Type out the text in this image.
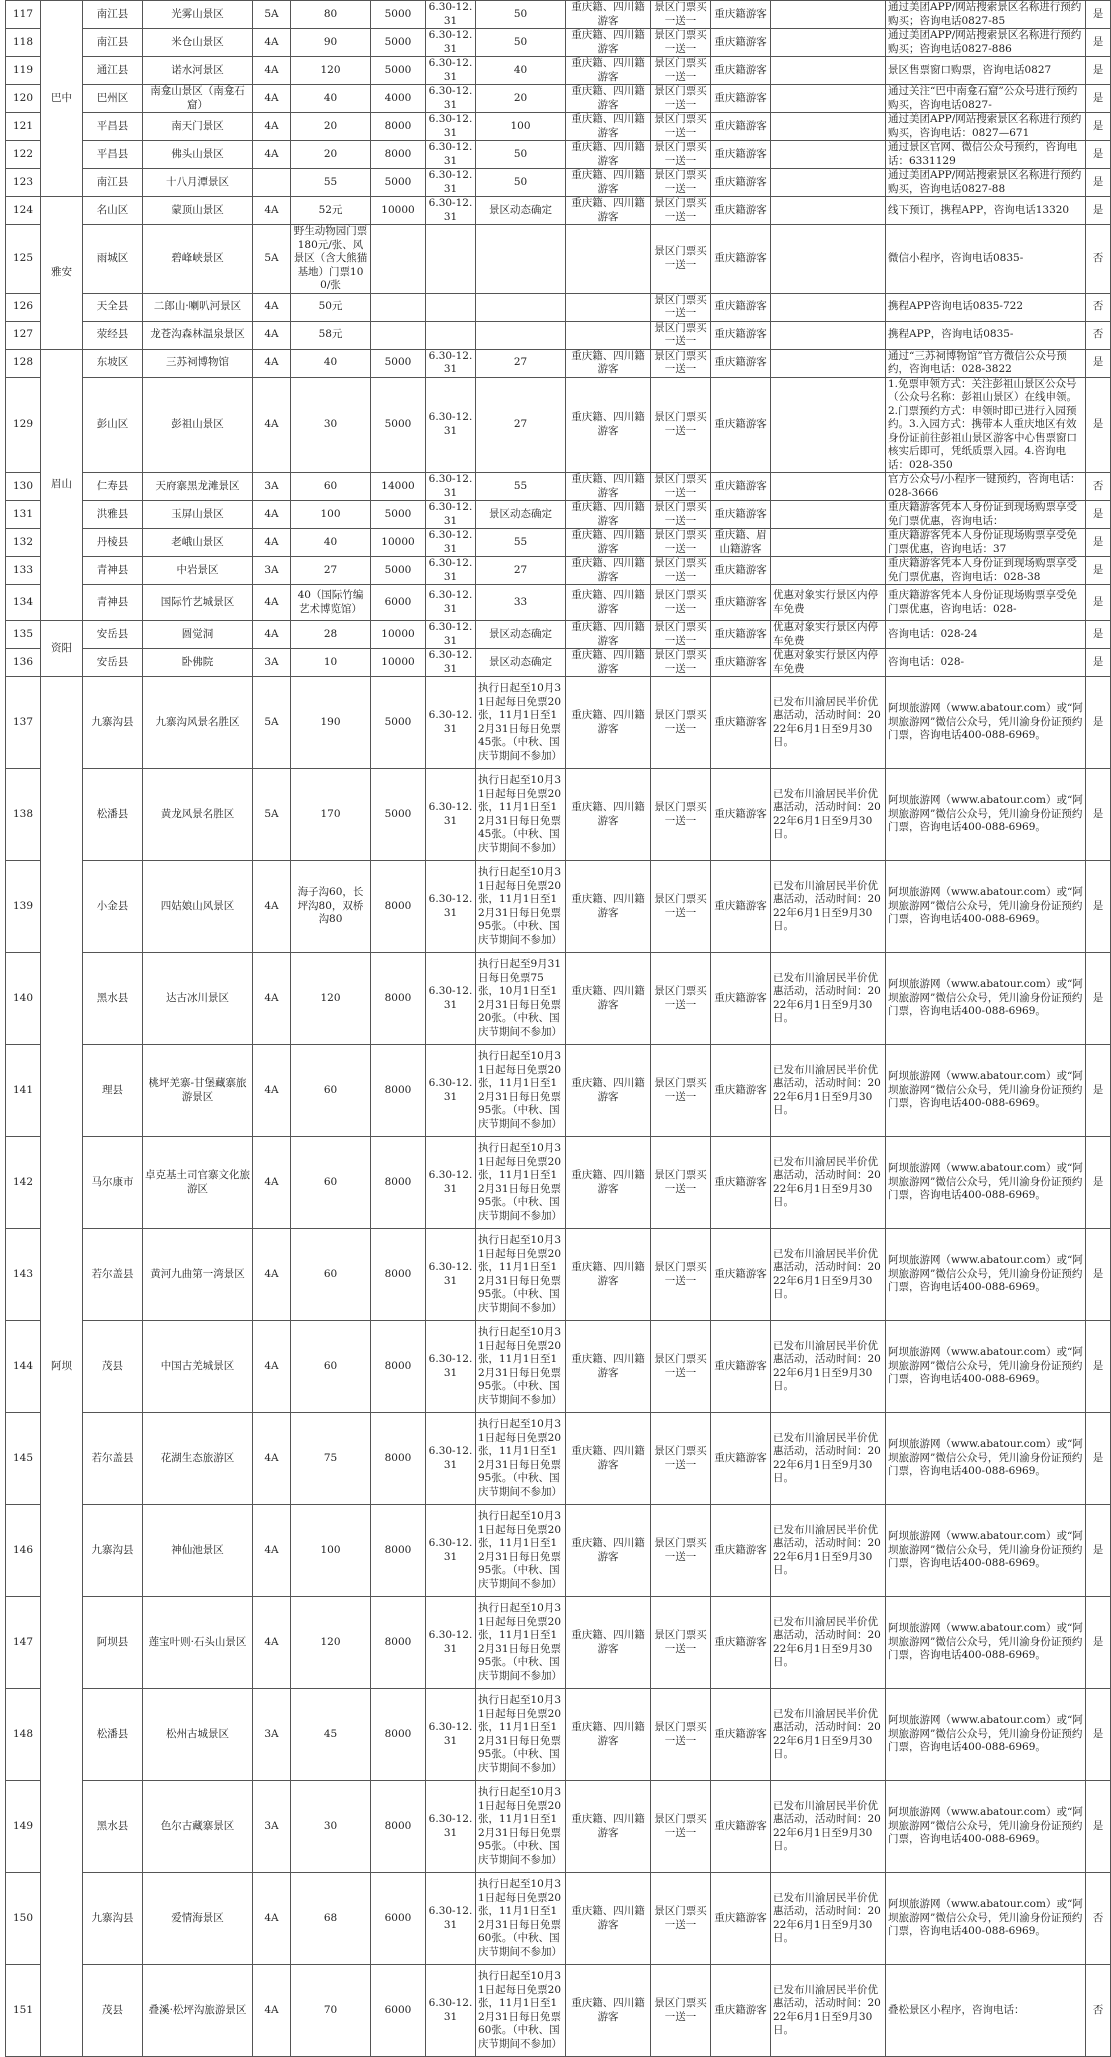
117	巴中	南江县	光雾山景区	5A	80	5000	6.30-12.31	50	重庆籍、四川籍游客	景区门票买一送一	重庆籍游客		通过美团APP/网站搜索景区名称进行预约购买；咨询电话0827-85	是
118		南江县	米仓山景区	4A	90	5000	6.30-12.31	50	重庆籍、四川籍游客	景区门票买一送一	重庆籍游客		通过美团APP/网站搜索景区名称进行预约购买；咨询电话0827-886	是
119		通江县	诺水河景区	4A	120	5000	6.30-12.31	40	重庆籍、四川籍游客	景区门票买一送一	重庆籍游客		景区售票窗口购票，咨询电话0827	是
120		巴州区	南龛山景区（南龛石窟）	4A	40	4000	6.30-12.31	20	重庆籍、四川籍游客	景区门票买一送一	重庆籍游客		通过关注“巴中南龛石窟”公众号进行预约购买，咨询电话0827-	是
121		平昌县	南天门景区	4A	20	8000	6.30-12.31	100	重庆籍、四川籍游客	景区门票买一送一	重庆籍游客		通过美团APP/网站搜索景区名称进行预约购买，咨询电话：0827—671	是
122		平昌县	佛头山景区	4A	20	8000	6.30-12.31	50	重庆籍、四川籍游客	景区门票买一送一	重庆籍游客		通过景区官网、微信公众号预约，咨询电话：6331129	是
123		南江县	十八月潭景区		55	5000	6.30-12.31	50	重庆籍、四川籍游客	景区门票买一送一	重庆籍游客		通过美团APP/网站搜索景区名称进行预约购买，咨询电话0827-88	是
124	雅安	名山区	蒙顶山景区	4A	52元	10000	6.30-12.31	景区动态确定	重庆籍、四川籍游客	景区门票买一送一	重庆籍游客		线下预订，携程APP，咨询电话13320	是
125		雨城区	碧峰峡景区	5A	野生动物园门票180元/张、风景区（含大熊猫基地）门票100/张					景区门票买一送一	重庆籍游客		微信小程序，咨询电话0835-	否
126		天全县	二郎山·喇叭河景区	4A	50元					景区门票买一送一	重庆籍游客		携程APP咨询电话0835-722	否
127		荥经县	龙苍沟森林温泉景区	4A	58元					景区门票买一送一	重庆籍游客		携程APP，咨询电话0835-	否
128	眉山	东坡区	三苏祠博物馆	4A	40	5000	6.30-12.31	27	重庆籍、四川籍游客	景区门票买一送一	重庆籍游客		通过“三苏祠博物馆”官方微信公众号预约，咨询电话：028-3822	是
129		彭山区	彭祖山景区	4A	30	5000	6.30-12.31	27	重庆籍、四川籍游客	景区门票买一送一	重庆籍游客		1.免票申领方式：关注彭祖山景区公众号（公众号名称：彭祖山景区）在线申领。2.门票预约方式：申领时即已进行入园预约。3.入园方式：携带本人重庆地区有效身份证前往彭祖山景区游客中心售票窗口核实后即可，凭纸质票入园。4.咨询电话：028-350	是
130		仁寿县	天府寨黑龙滩景区	3A	60	14000	6.30-12.31	55	重庆籍、四川籍游客	景区门票买一送一	重庆籍游客		官方公众号/小程序一键预约，咨询电话：028-3666	否
131		洪雅县	玉屏山景区	4A	100	5000	6.30-12.31	景区动态确定	重庆籍、四川籍游客	景区门票买一送一	重庆籍游客		重庆籍游客凭本人身份证到现场购票享受免门票优惠，咨询电话：	是
132		丹棱县	老峨山景区	4A	40	10000	6.30-12.31	55	重庆籍、四川籍游客	景区门票买一送一	重庆籍、眉山籍游客		重庆籍游客凭本人身份证现场购票享受免门票优惠，咨询电话：37	是
133		青神县	中岩景区	3A	27	5000	6.30-12.31	27	重庆籍、四川籍游客	景区门票买一送一	重庆籍游客		重庆籍游客凭本人身份证到现场购票享受免门票优惠，咨询电话：028-38	是
134		青神县	国际竹艺城景区	4A	40（国际竹编艺术博览馆）	6000	6.30-12.31	33	重庆籍、四川籍游客	景区门票买一送一	重庆籍游客	优惠对象实行景区内停车免费	重庆籍游客凭本人身份证现场购票享受免门票优惠，咨询电话：028-	是
135	资阳	安岳县	圆觉洞	4A	28	10000	6.30-12.31	景区动态确定	重庆籍、四川籍游客	景区门票买一送一	重庆籍游客	优惠对象实行景区内停车免费	咨询电话：028-24	是
136		安岳县	卧佛院	3A	10	10000	6.30-12.31	景区动态确定	重庆籍、四川籍游客	景区门票买一送一	重庆籍游客	优惠对象实行景区内停车免费	咨询电话：028-	是
137	阿坝	九寨沟县	九寨沟风景名胜区	5A	190	5000	6.30-12.31	执行日起至10月31日起每日免票20张，11月1日至12月31日每日免票45张。（中秋、国庆节期间不参加）	重庆籍、四川籍游客	景区门票买一送一	重庆籍游客	已发布川渝居民半价优惠活动，活动时间：2022年6月1日至9月30日。	阿坝旅游网（www.abatour.com）或“阿坝旅游网”微信公众号，凭川渝身份证预约门票，咨询电话400-088-6969。	是
138		松潘县	黄龙风景名胜区	5A	170	5000	6.30-12.31	执行日起至10月31日起每日免票20张，11月1日至12月31日每日免票45张。（中秋、国庆节期间不参加）	重庆籍、四川籍游客	景区门票买一送一	重庆籍游客	已发布川渝居民半价优惠活动，活动时间：2022年6月1日至9月30日。	阿坝旅游网（www.abatour.com）或“阿坝旅游网”微信公众号，凭川渝身份证预约门票，咨询电话400-088-6969。	是
139		小金县	四姑娘山风景区	4A	海子沟60，长坪沟80，双桥沟80	8000	6.30-12.31	执行日起至10月31日起每日免票20张，11月1日至12月31日每日免票95张。（中秋、国庆节期间不参加）	重庆籍、四川籍游客	景区门票买一送一	重庆籍游客	已发布川渝居民半价优惠活动，活动时间：2022年6月1日至9月30日。	阿坝旅游网（www.abatour.com）或“阿坝旅游网”微信公众号，凭川渝身份证预约门票，咨询电话400-088-6969。	是
140		黑水县	达古冰川景区	4A	120	8000	6.30-12.31	执行日起至9月31日每日免票75张，10月1日至12月31日每日免票20张。（中秋、国庆节期间不参加）	重庆籍、四川籍游客	景区门票买一送一	重庆籍游客	已发布川渝居民半价优惠活动，活动时间：2022年6月1日至9月30日。	阿坝旅游网（www.abatour.com）或“阿坝旅游网”微信公众号，凭川渝身份证预约门票，咨询电话400-088-6969。	是
141		理县	桃坪羌寨-甘堡藏寨旅游景区	4A	60	8000	6.30-12.31	执行日起至10月31日起每日免票20张，11月1日至12月31日每日免票95张。（中秋、国庆节期间不参加）	重庆籍、四川籍游客	景区门票买一送一	重庆籍游客	已发布川渝居民半价优惠活动，活动时间：2022年6月1日至9月30日。	阿坝旅游网（www.abatour.com）或“阿坝旅游网”微信公众号，凭川渝身份证预约门票，咨询电话400-088-6969。	是
142		马尔康市	卓克基土司官寨文化旅游区	4A	60	8000	6.30-12.31	执行日起至10月31日起每日免票20张，11月1日至12月31日每日免票95张。（中秋、国庆节期间不参加）	重庆籍、四川籍游客	景区门票买一送一	重庆籍游客	已发布川渝居民半价优惠活动，活动时间：2022年6月1日至9月30日。	阿坝旅游网（www.abatour.com）或“阿坝旅游网”微信公众号，凭川渝身份证预约门票，咨询电话400-088-6969。	是
143		若尔盖县	黄河九曲第一湾景区	4A	60	8000	6.30-12.31	执行日起至10月31日起每日免票20张，11月1日至12月31日每日免票95张。（中秋、国庆节期间不参加）	重庆籍、四川籍游客	景区门票买一送一	重庆籍游客	已发布川渝居民半价优惠活动，活动时间：2022年6月1日至9月30日。	阿坝旅游网（www.abatour.com）或“阿坝旅游网”微信公众号，凭川渝身份证预约门票，咨询电话400-088-6969。	是
144		茂县	中国古羌城景区	4A	60	8000	6.30-12.31	执行日起至10月31日起每日免票20张，11月1日至12月31日每日免票95张。（中秋、国庆节期间不参加）	重庆籍、四川籍游客	景区门票买一送一	重庆籍游客	已发布川渝居民半价优惠活动，活动时间：2022年6月1日至9月30日。	阿坝旅游网（www.abatour.com）或“阿坝旅游网”微信公众号，凭川渝身份证预约门票，咨询电话400-088-6969。	是
145		若尔盖县	花湖生态旅游区	4A	75	8000	6.30-12.31	执行日起至10月31日起每日免票20张，11月1日至12月31日每日免票95张。（中秋、国庆节期间不参加）	重庆籍、四川籍游客	景区门票买一送一	重庆籍游客	已发布川渝居民半价优惠活动，活动时间：2022年6月1日至9月30日。	阿坝旅游网（www.abatour.com）或“阿坝旅游网”微信公众号，凭川渝身份证预约门票，咨询电话400-088-6969。	是
146		九寨沟县	神仙池景区	4A	100	8000	6.30-12.31	执行日起至10月31日起每日免票20张，11月1日至12月31日每日免票95张。（中秋、国庆节期间不参加）	重庆籍、四川籍游客	景区门票买一送一	重庆籍游客	已发布川渝居民半价优惠活动，活动时间：2022年6月1日至9月30日。	阿坝旅游网（www.abatour.com）或“阿坝旅游网”微信公众号，凭川渝身份证预约门票，咨询电话400-088-6969。	是
147		阿坝县	莲宝叶则·石头山景区	4A	120	8000	6.30-12.31	执行日起至10月31日起每日免票20张，11月1日至12月31日每日免票95张。（中秋、国庆节期间不参加）	重庆籍、四川籍游客	景区门票买一送一	重庆籍游客	已发布川渝居民半价优惠活动，活动时间：2022年6月1日至9月30日。	阿坝旅游网（www.abatour.com）或“阿坝旅游网”微信公众号，凭川渝身份证预约门票，咨询电话400-088-6969。	是
148		松潘县	松州古城景区	3A	45	8000	6.30-12.31	执行日起至10月31日起每日免票20张，11月1日至12月31日每日免票95张。（中秋、国庆节期间不参加）	重庆籍、四川籍游客	景区门票买一送一	重庆籍游客	已发布川渝居民半价优惠活动，活动时间：2022年6月1日至9月30日。	阿坝旅游网（www.abatour.com）或“阿坝旅游网”微信公众号，凭川渝身份证预约门票，咨询电话400-088-6969。	是
149		黑水县	色尔古藏寨景区	3A	30	8000	6.30-12.31	执行日起至10月31日起每日免票20张，11月1日至12月31日每日免票95张。（中秋、国庆节期间不参加）	重庆籍、四川籍游客	景区门票买一送一	重庆籍游客	已发布川渝居民半价优惠活动，活动时间：2022年6月1日至9月30日。	阿坝旅游网（www.abatour.com）或“阿坝旅游网”微信公众号，凭川渝身份证预约门票，咨询电话400-088-6969。	是
150		九寨沟县	爱情海景区	4A	68	6000	6.30-12.31	执行日起至10月31日起每日免票20张，11月1日至12月31日每日免票60张。（中秋、国庆节期间不参加）	重庆籍、四川籍游客	景区门票买一送一	重庆籍游客	已发布川渝居民半价优惠活动，活动时间：2022年6月1日至9月30日。	阿坝旅游网（www.abatour.com）或“阿坝旅游网”微信公众号，凭川渝身份证预约门票，咨询电话400-088-6969。	否
151		茂县	叠溪·松坪沟旅游景区	4A	70	6000	6.30-12.31	执行日起至10月31日起每日免票20张，11月1日至12月31日每日免票60张。（中秋、国庆节期间不参加）	重庆籍、四川籍游客	景区门票买一送一	重庆籍游客	已发布川渝居民半价优惠活动，活动时间：2022年6月1日至9月30日。	叠松景区小程序，咨询电话：	否
